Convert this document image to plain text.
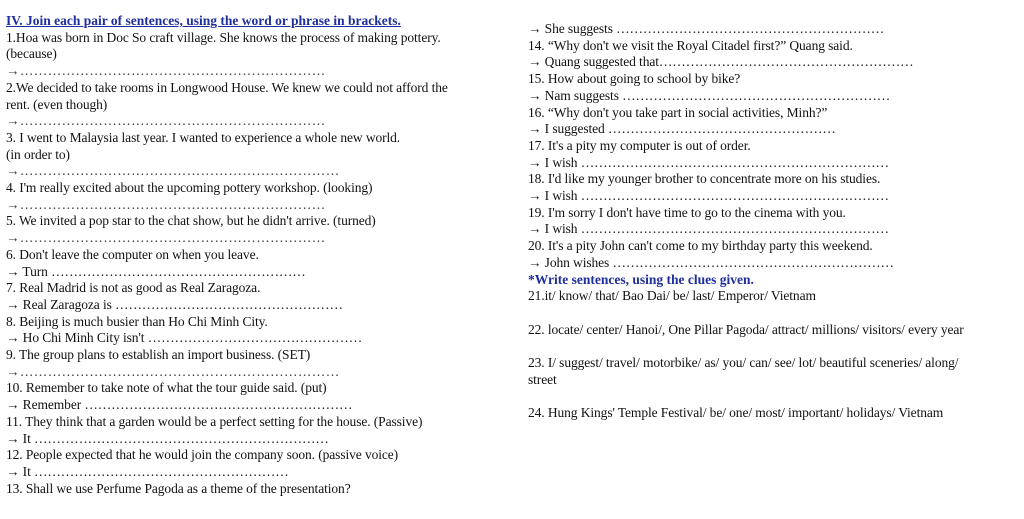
IV. Join each pair of sentences, using the word or phrase in brackets.
1.Hoa was born in Doc So craft village. She knows the process of making pottery.
(because)
→…………………………………………………………
2.We decided to take rooms in Longwood House. We knew we could not afford the
rent. (even though)
→…………………………………………………………
3. I went to Malaysia last year. I wanted to experience a whole new world.
(in order to)
→……………………………………………………………
4. I'm really excited about the upcoming pottery workshop. (looking)
→…………………………………………………………
5. We invited a pop star to the chat show, but he didn't arrive. (turned)
→…………………………………………………………
6. Don't leave the computer on when you leave.
→ Turn …………………………………………………
7. Real Madrid is not as good as Real Zaragoza.
→ Real Zaragoza is ……………………………………………
8. Beijing is much busier than Ho Chi Minh City.
→ Ho Chi Minh City isn't …………………………………………
9. The group plans to establish an import business. (SET)
→……………………………………………………………
10. Remember to take note of what the tour guide said. (put)
→ Remember ……………………………………………………
11. They think that a garden would be a perfect setting for the house. (Passive)
→ It …………………………………………………………
12. People expected that he would join the company soon. (passive voice)
→ It …………………………………………………
13. Shall we use Perfume Pagoda as a theme of the presentation?
→ She suggests ……………………………………………………
14. “Why don't we visit the Royal Citadel first?” Quang said.
→ Quang suggested that…………………………………………………
15. How about going to school by bike?
→ Nam suggests ……………………………………………………
16. “Why don't you take part in social activities, Minh?”
→ I suggested ……………………………………………
17. It's a pity my computer is out of order.
→ I wish ……………………………………………………………
18. I'd like my younger brother to concentrate more on his studies.
→ I wish ……………………………………………………………
19. I'm sorry I don't have time to go to the cinema with you.
→ I wish ……………………………………………………………
20. It's a pity John can't come to my birthday party this weekend.
→ John wishes ………………………………………………………
*Write sentences, using the clues given.
21.it/ know/ that/ Bao Dai/ be/ last/ Emperor/ Vietnam
22. locate/ center/ Hanoi/, One Pillar Pagoda/ attract/ millions/ visitors/ every year
23. I/ suggest/ travel/ motorbike/ as/ you/ can/ see/ lot/ beautiful sceneries/ along/
street
24. Hung Kings' Temple Festival/ be/ one/ most/ important/ holidays/ Vietnam
